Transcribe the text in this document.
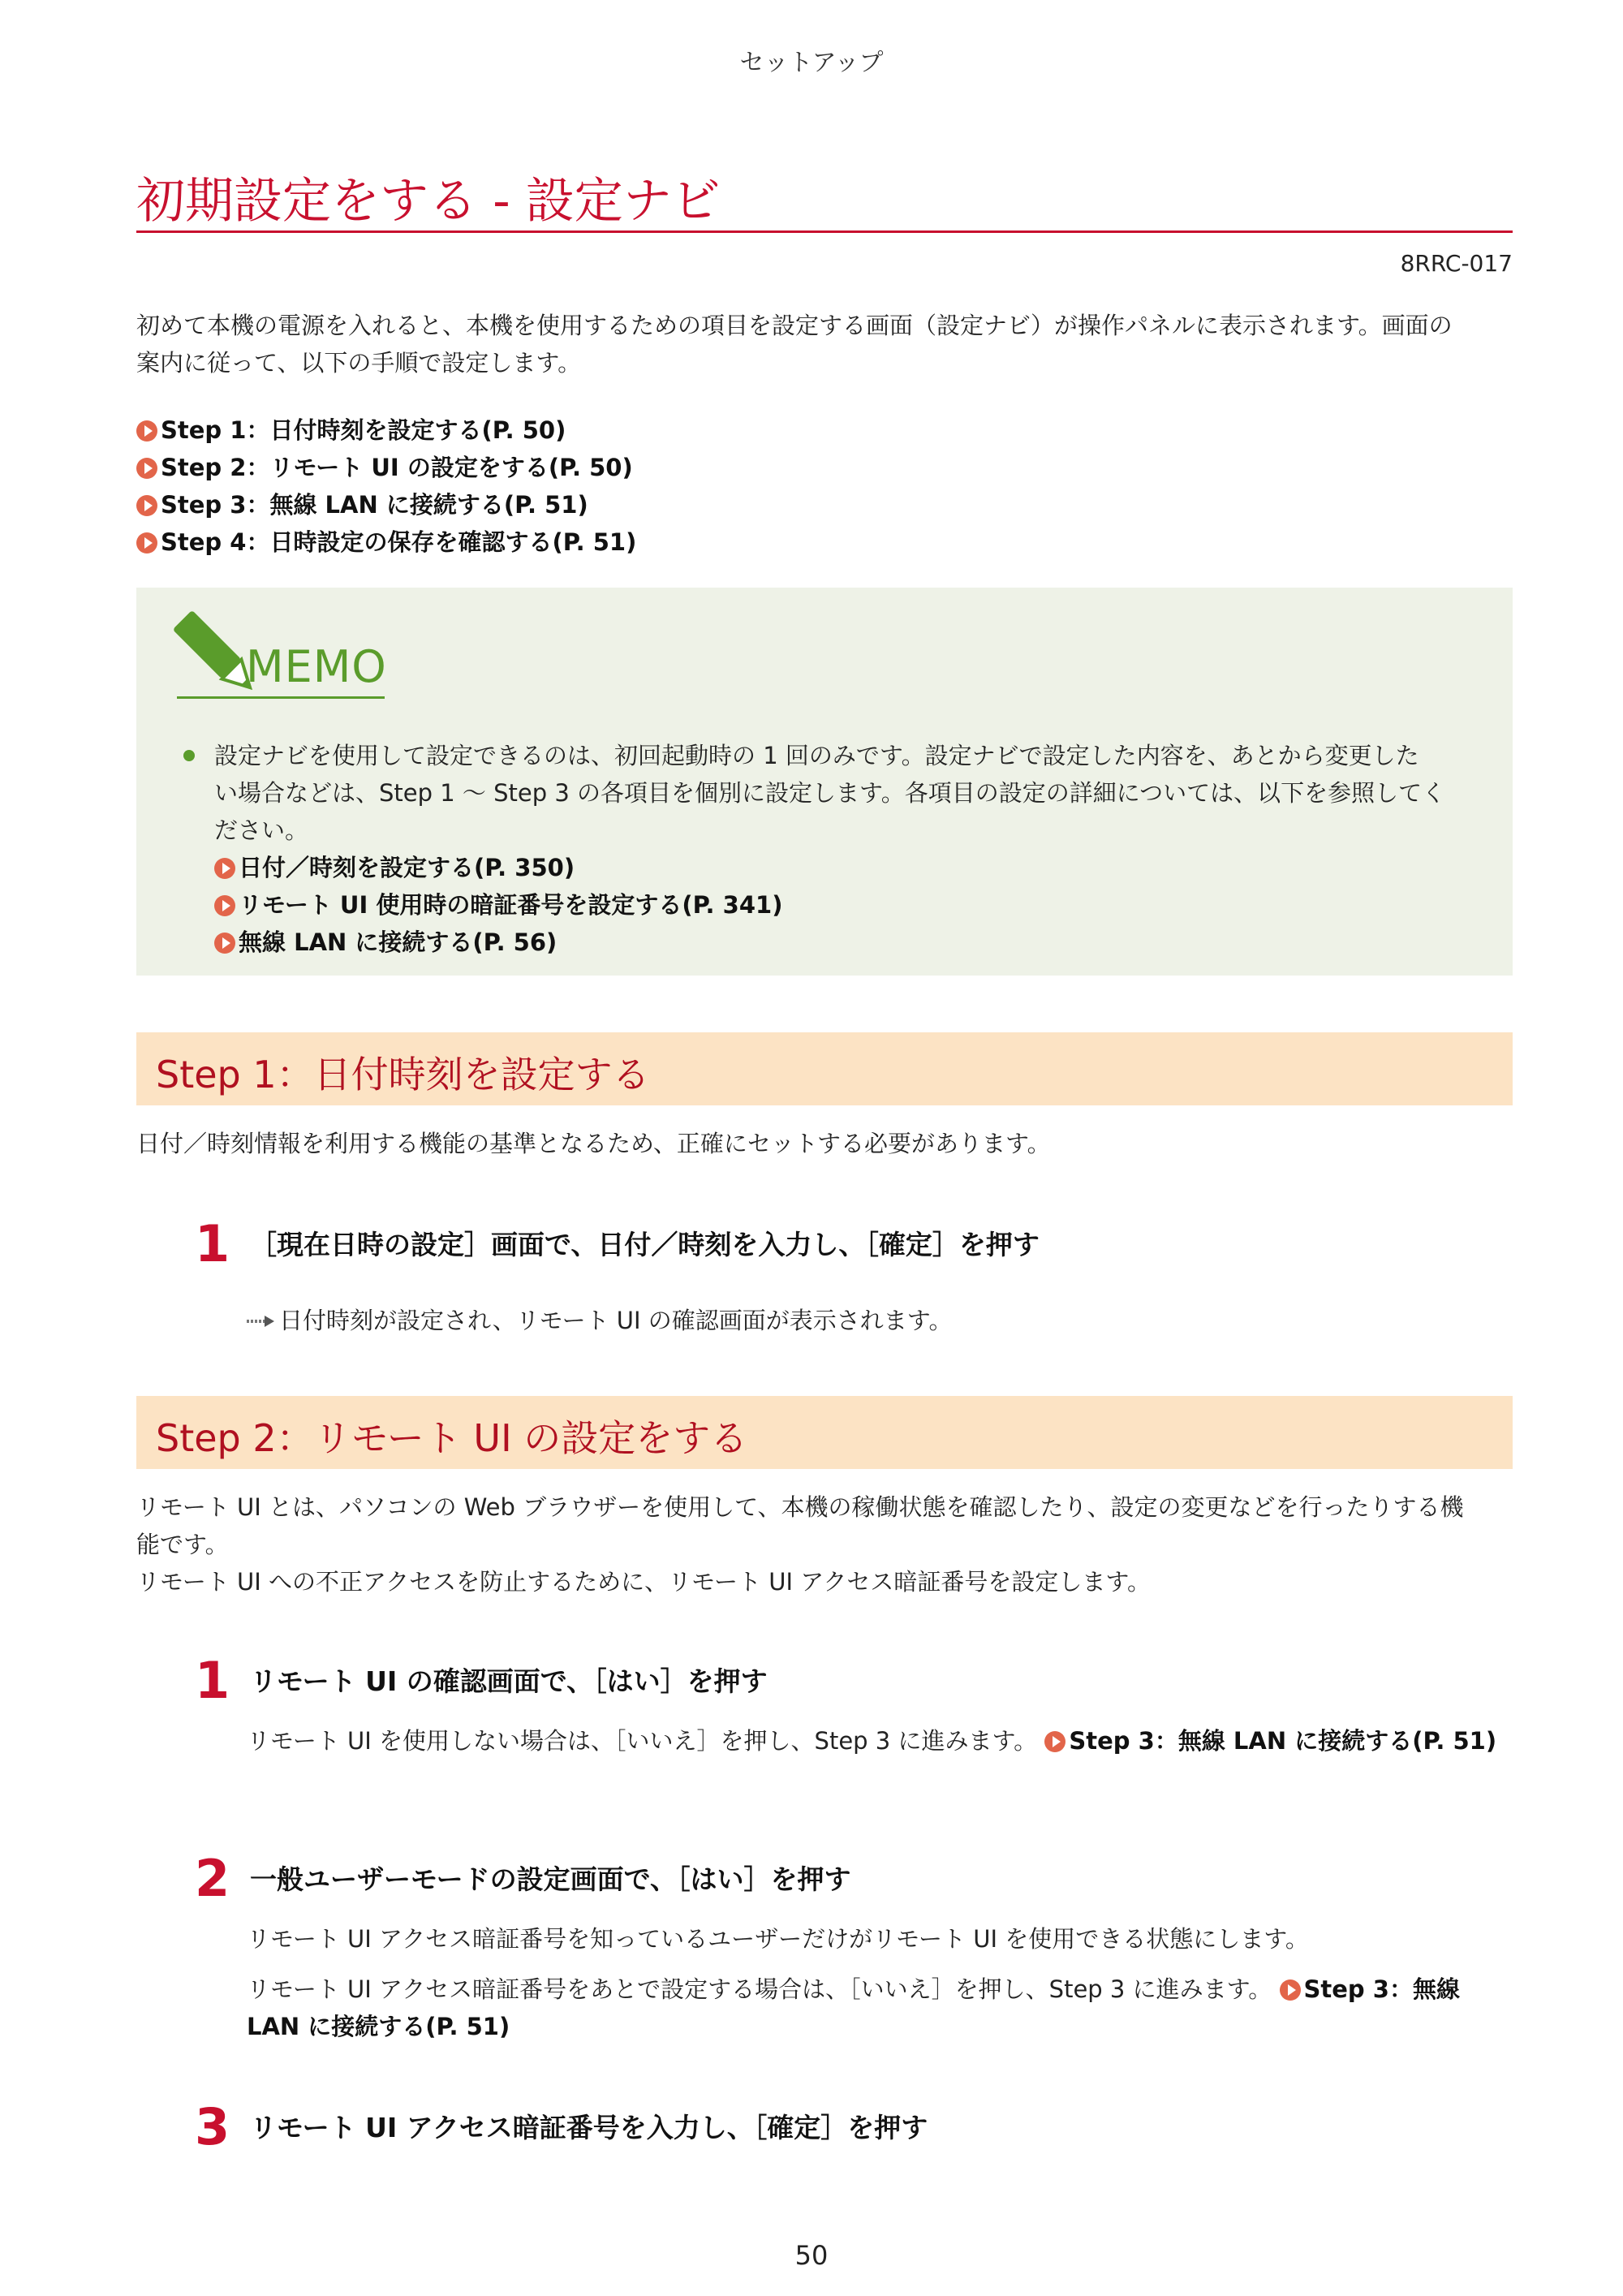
セットアップ
初期設定をする - 設定ナビ
8RRC-017
初めて本機の電源を入れると、本機を使用するための項目を設定する画面（設定ナビ）が操作パネルに表示されます。画面の
案内に従って、以下の手順で設定します。
Step 1：日付時刻を設定する(P. 50)
Step 2：リモート UI の設定をする(P. 50)
Step 3：無線 LAN に接続する(P. 51)
Step 4：日時設定の保存を確認する(P. 51)
MEMO
設定ナビを使用して設定できるのは、初回起動時の 1 回のみです。設定ナビで設定した内容を、あとから変更した
い場合などは、Step 1 ～ Step 3 の各項目を個別に設定します。各項目の設定の詳細については、以下を参照してく
ださい。
日付／時刻を設定する(P. 350)
リモート UI 使用時の暗証番号を設定する(P. 341)
無線 LAN に接続する(P. 56)
Step 1：日付時刻を設定する
日付／時刻情報を利用する機能の基準となるため、正確にセットする必要があります。
1 ［現在日時の設定］画面で、日付／時刻を入力し、［確定］を押す
日付時刻が設定され、リモート UI の確認画面が表示されます。
Step 2：リモート UI の設定をする
リモート UI とは、パソコンの Web ブラウザーを使用して、本機の稼働状態を確認したり、設定の変更などを行ったりする機
能です。
リモート UI への不正アクセスを防止するために、リモート UI アクセス暗証番号を設定します。
1 リモート UI の確認画面で、［はい］を押す
リモート UI を使用しない場合は、［いいえ］を押し、Step 3 に進みます。 Step 3：無線 LAN に接続する(P. 51)
2 一般ユーザーモードの設定画面で、［はい］を押す
リモート UI アクセス暗証番号を知っているユーザーだけがリモート UI を使用できる状態にします。
リモート UI アクセス暗証番号をあとで設定する場合は、［いいえ］を押し、Step 3 に進みます。 Step 3：無線
LAN に接続する(P. 51)
3 リモート UI アクセス暗証番号を入力し、［確定］を押す
50
